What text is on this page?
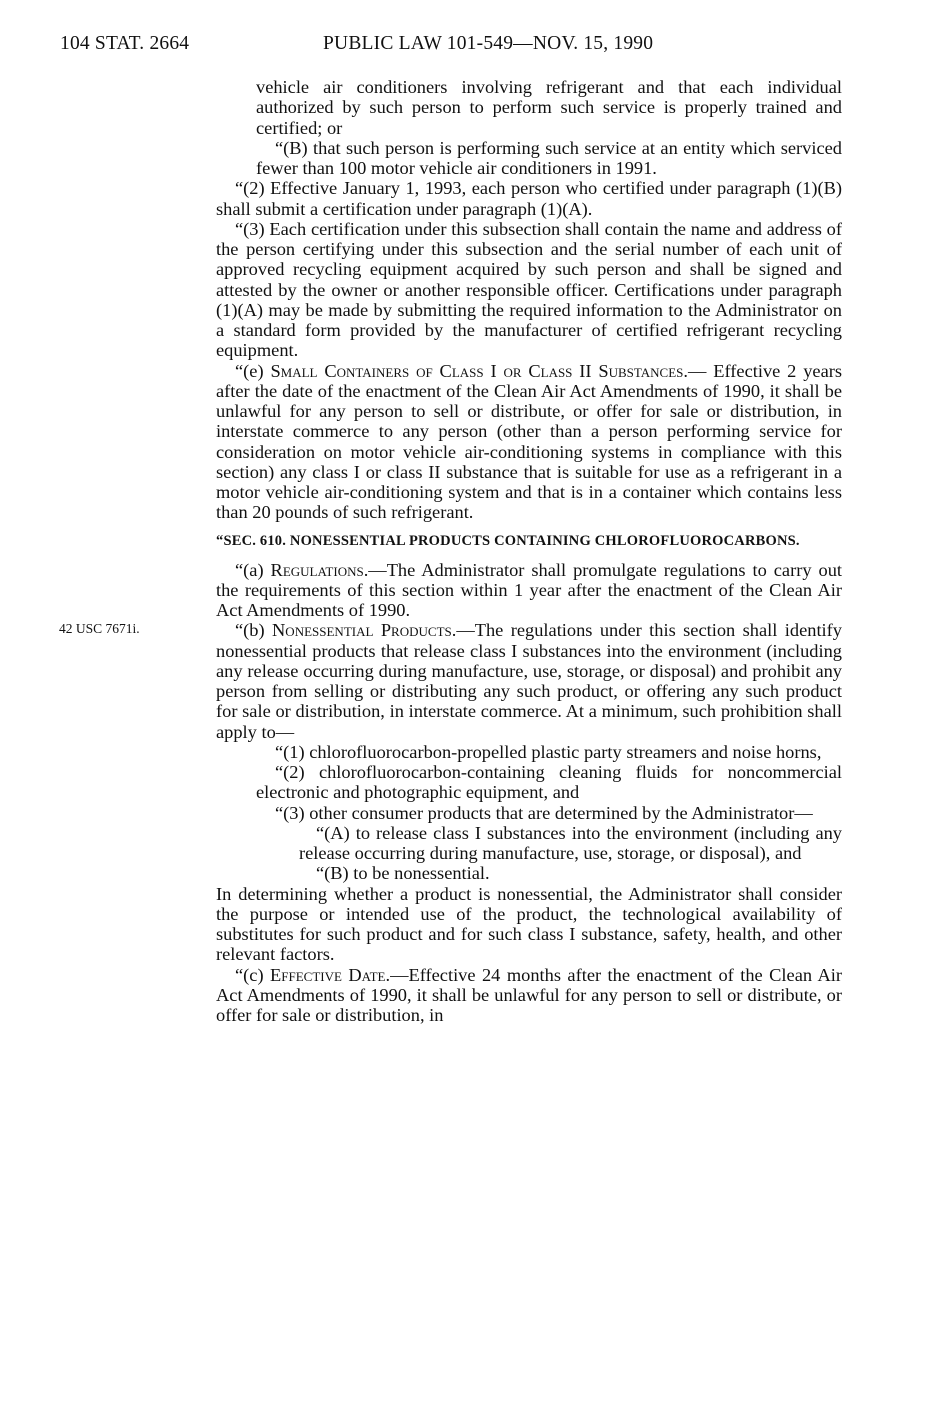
104 STAT. 2664	PUBLIC LAW 101-549—NOV. 15, 1990
42 USC 7671i.

vehicle air conditioners involving refrigerant and that each individual authorized by such person to perform such service is properly trained and certified; or

“(B) that such person is performing such service at an entity which serviced fewer than 100 motor vehicle air conditioners in 1991.

“(2) Effective January 1, 1993, each person who certified under paragraph (1)(B) shall submit a certification under paragraph (1)(A).

“(3) Each certification under this subsection shall contain the name and address of the person certifying under this subsection and the serial number of each unit of approved recycling equipment acquired by such person and shall be signed and attested by the owner or another responsible officer. Certifications under paragraph (1)(A) may be made by submitting the required information to the Administrator on a standard form provided by the manufacturer of certified refrigerant recycling equipment.

“(e) Small Containers of Class I or Class II Substances.— Effective 2 years after the date of the enactment of the Clean Air Act Amendments of 1990, it shall be unlawful for any person to sell or distribute, or offer for sale or distribution, in interstate commerce to any person (other than a person performing service for consideration on motor vehicle air-conditioning systems in compliance with this section) any class I or class II substance that is suitable for use as a refrigerant in a motor vehicle air-conditioning system and that is in a container which contains less than 20 pounds of such refrigerant.

“SEC. 610. NONESSENTIAL PRODUCTS CONTAINING CHLOROFLUOROCARBONS.

“(a) Regulations.—The Administrator shall promulgate regulations to carry out the requirements of this section within 1 year after the enactment of the Clean Air Act Amendments of 1990.

“(b) Nonessential Products.—The regulations under this section shall identify nonessential products that release class I substances into the environment (including any release occurring during manufacture, use, storage, or disposal) and prohibit any person from selling or distributing any such product, or offering any such product for sale or distribution, in interstate commerce. At a minimum, such prohibition shall apply to—

“(1) chlorofluorocarbon-propelled plastic party streamers and noise horns,

“(2) chlorofluorocarbon-containing cleaning fluids for noncommercial electronic and photographic equipment, and

“(3) other consumer products that are determined by the Administrator—

“(A) to release class I substances into the environment (including any release occurring during manufacture, use, storage, or disposal), and

“(B) to be nonessential.

In determining whether a product is nonessential, the Administrator shall consider the purpose or intended use of the product, the technological availability of substitutes for such product and for such class I substance, safety, health, and other relevant factors.

“(c) Effective Date.—Effective 24 months after the enactment of the Clean Air Act Amendments of 1990, it shall be unlawful for any person to sell or distribute, or offer for sale or distribution, in
